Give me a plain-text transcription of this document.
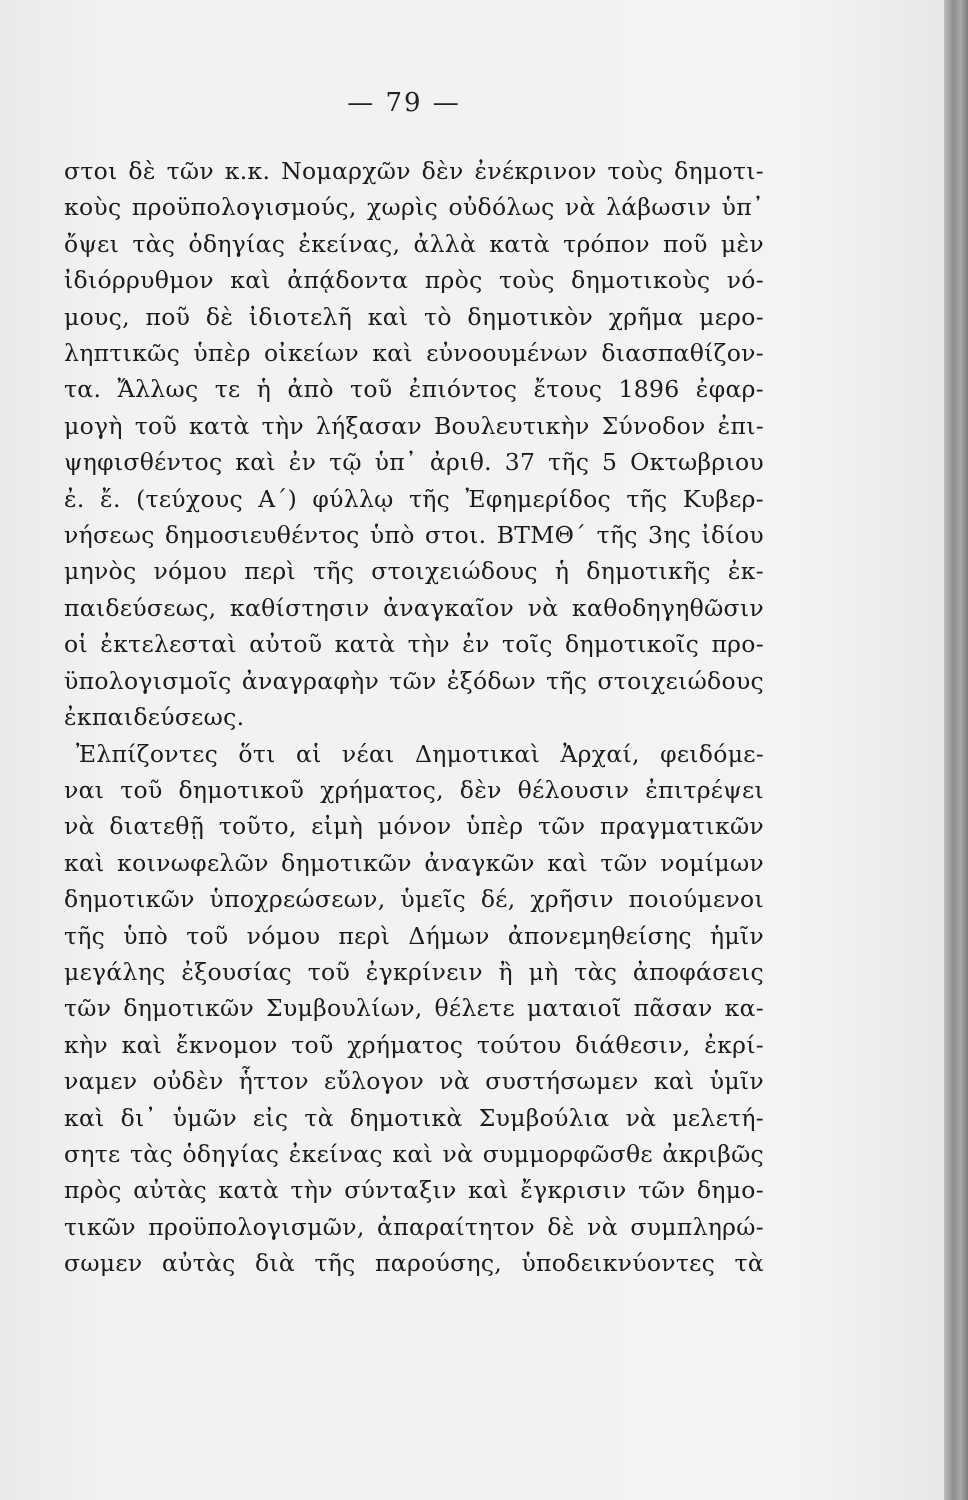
— 79 —
στοι δὲ τῶν κ.κ. Νομαρχῶν δὲν ἐνέκρινον τοὺς δημοτι-
κοὺς προϋπολογισμούς, χωρὶς οὐδόλως νὰ λάβωσιν ὑπ᾽
ὄψει τὰς ὁδηγίας ἐκείνας, ἀλλὰ κατὰ τρόπον ποῦ μὲν
ἰδιόρρυθμον καὶ ἀπᾴδοντα πρὸς τοὺς δημοτικοὺς νό-
μους, ποῦ δὲ ἰδιοτελῆ καὶ τὸ δημοτικὸν χρῆμα μερο-
ληπτικῶς ὑπὲρ οἰκείων καὶ εὐνοουμένων διασπαθίζον-
τα. Ἄλλως τε ἡ ἀπὸ τοῦ ἐπιόντος ἔτους 1896 ἐφαρ-
μογὴ τοῦ κατὰ τὴν λήξασαν Βουλευτικὴν Σύνοδον ἐπι-
ψηφισθέντος καὶ ἐν τῷ ὑπ᾽ ἀριθ. 37 τῆς 5 Οκτωβριου
ἐ. ἔ. (τεύχους Α΄) φύλλῳ τῆς Ἐφημερίδος τῆς Κυβερ-
νήσεως δημοσιευθέντος ὑπὸ στοι. ΒΤΜΘ΄ τῆς 3ης ἰδίου
μηνὸς νόμου περὶ τῆς στοιχειώδους ἡ δημοτικῆς ἐκ-
παιδεύσεως, καθίστησιν ἀναγκαῖον νὰ καθοδηγηθῶσιν
οἱ ἐκτελεσταὶ αὐτοῦ κατὰ τὴν ἐν τοῖς δημοτικοῖς προ-
ϋπολογισμοῖς ἀναγραφὴν τῶν ἐξόδων τῆς στοιχειώδους
ἐκπαιδεύσεως.
Ἐλπίζοντες ὅτι αἱ νέαι Δημοτικαὶ Ἀρχαί, φειδόμε-
ναι τοῦ δημοτικοῦ χρήματος, δὲν θέλουσιν ἐπιτρέψει
νὰ διατεθῇ τοῦτο, εἰμὴ μόνον ὑπὲρ τῶν πραγματικῶν
καὶ κοινωφελῶν δημοτικῶν ἀναγκῶν καὶ τῶν νομίμων
δημοτικῶν ὑποχρεώσεων, ὑμεῖς δέ, χρῆσιν ποιούμενοι
τῆς ὑπὸ τοῦ νόμου περὶ Δήμων ἀπονεμηθείσης ἡμῖν
μεγάλης ἐξουσίας τοῦ ἐγκρίνειν ἢ μὴ τὰς ἀποφάσεις
τῶν δημοτικῶν Συμβουλίων, θέλετε ματαιοῖ πᾶσαν κα-
κὴν καὶ ἔκνομον τοῦ χρήματος τούτου διάθεσιν, ἐκρί-
ναμεν οὐδὲν ἧττον εὔλογον νὰ συστήσωμεν καὶ ὑμῖν
καὶ δι᾽ ὑμῶν εἰς τὰ δημοτικὰ Συμβούλια νὰ μελετή-
σητε τὰς ὁδηγίας ἐκείνας καὶ νὰ συμμορφῶσθε ἀκριβῶς
πρὸς αὐτὰς κατὰ τὴν σύνταξιν καὶ ἔγκρισιν τῶν δημο-
τικῶν προϋπολογισμῶν, ἀπαραίτητον δὲ νὰ συμπληρώ-
σωμεν αὐτὰς διὰ τῆς παρούσης, ὑποδεικνύοντες τὰ
